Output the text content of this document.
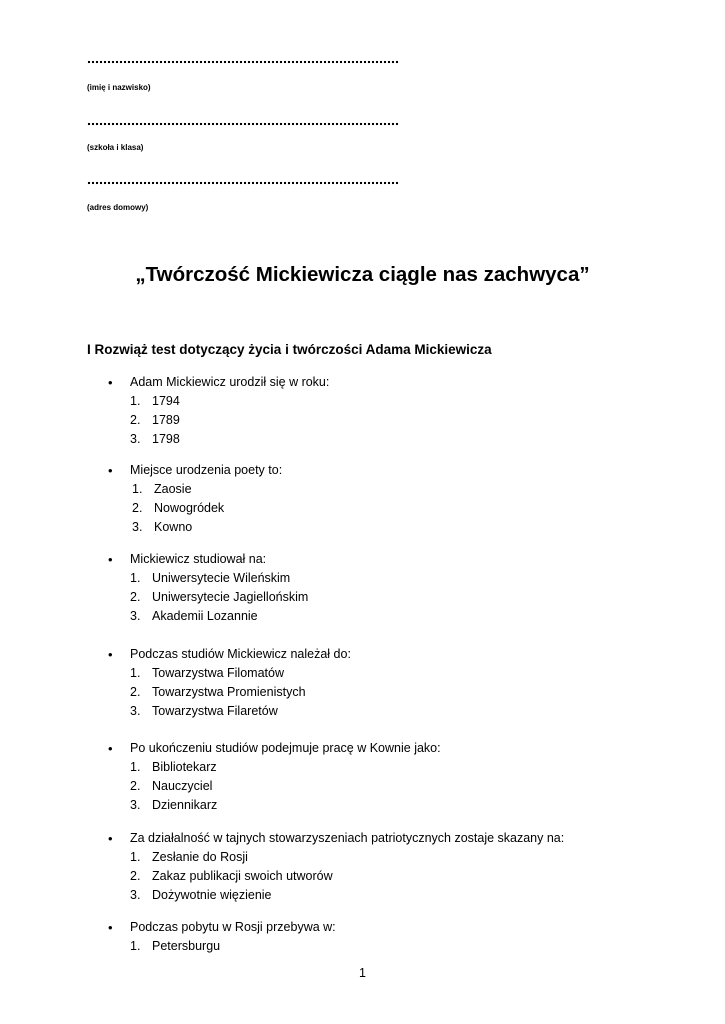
(imię i nazwisko)
(szkoła i klasa)
(adres domowy)
„Twórczość Mickiewicza ciągle nas zachwyca”
I Rozwiąż test dotyczący życia i twórczości Adama Mickiewicza
• Adam Mickiewicz urodził się w roku:
1. 1794
2. 1789
3. 1798
• Miejsce urodzenia poety to:
1. Zaosie
2. Nowogródek
3. Kowno
• Mickiewicz studiował na:
1. Uniwersytecie Wileńskim
2. Uniwersytecie Jagiellońskim
3. Akademii Lozannie
• Podczas studiów Mickiewicz należał do:
1. Towarzystwa Filomatów
2. Towarzystwa Promienistych
3. Towarzystwa Filaretów
• Po ukończeniu studiów podejmuje pracę w Kownie jako:
1. Bibliotekarz
2. Nauczyciel
3. Dziennikarz
• Za działalność w tajnych stowarzyszeniach patriotycznych zostaje skazany na:
1. Zesłanie do Rosji
2. Zakaz publikacji swoich utworów
3. Dożywotnie więzienie
• Podczas pobytu w Rosji przebywa w:
1. Petersburgu
1
